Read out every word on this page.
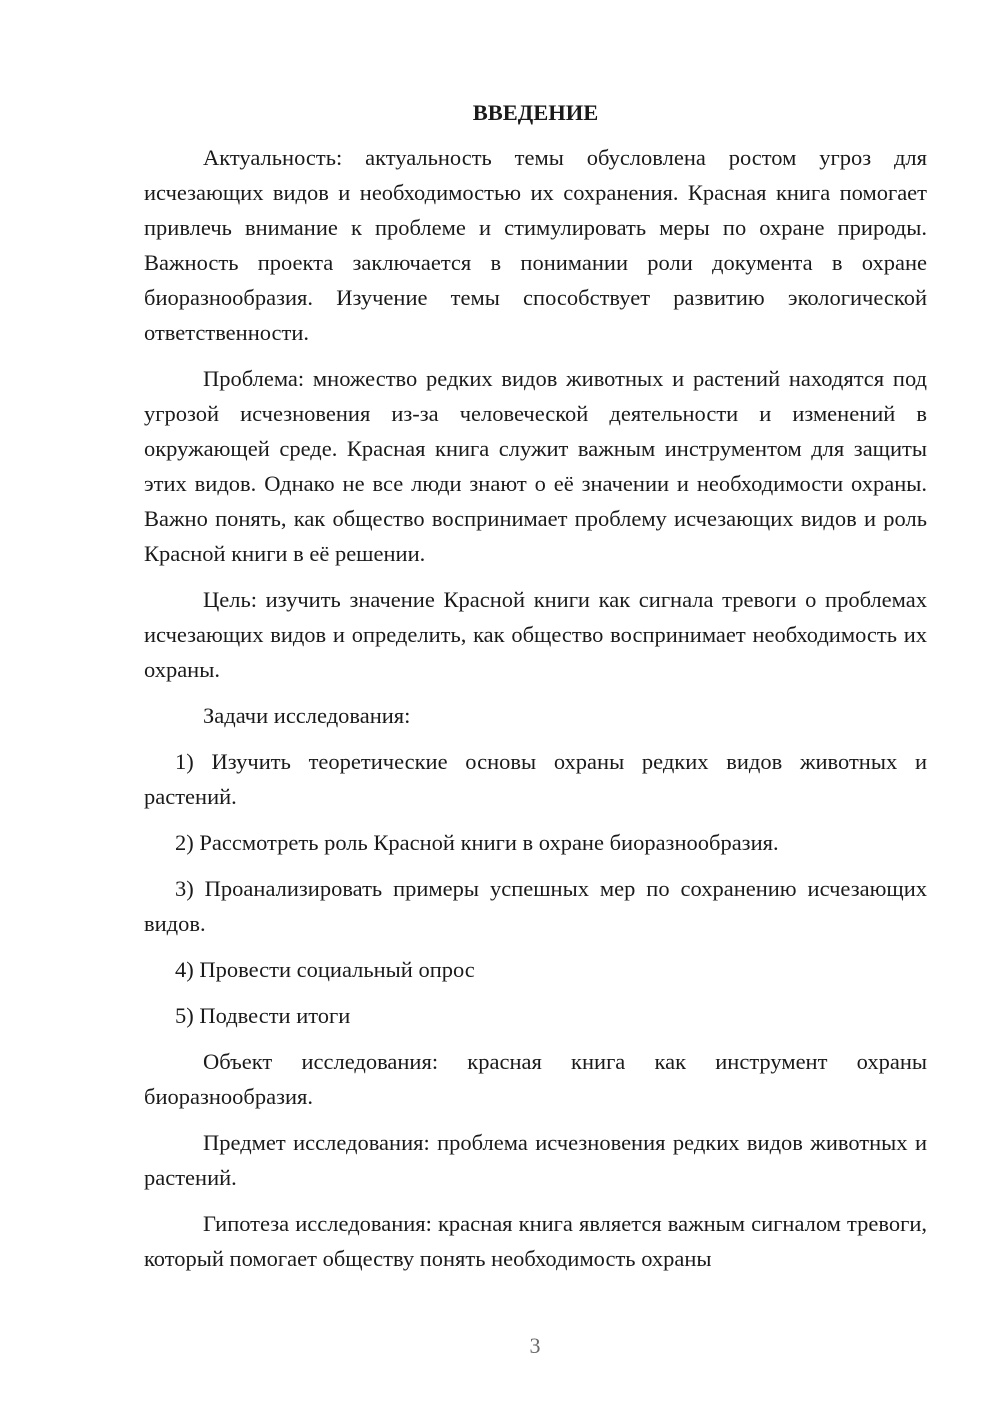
ВВЕДЕНИЕ

Актуальность: актуальность темы обусловлена ростом угроз для исчезающих видов и необходимостью их сохранения. Красная книга помогает привлечь внимание к проблеме и стимулировать меры по охране природы. Важность проекта заключается в понимании роли документа в охране биоразнообразия. Изучение темы способствует развитию экологической ответственности.

Проблема: множество редких видов животных и растений находятся под угрозой исчезновения из-за человеческой деятельности и изменений в окружающей среде. Красная книга служит важным инструментом для защиты этих видов. Однако не все люди знают о её значении и необходимости охраны. Важно понять, как общество воспринимает проблему исчезающих видов и роль Красной книги в её решении.

Цель: изучить значение Красной книги как сигнала тревоги о проблемах исчезающих видов и определить, как общество воспринимает необходимость их охраны.

Задачи исследования:

1) Изучить теоретические основы охраны редких видов животных и растений.

2) Рассмотреть роль Красной книги в охране биоразнообразия.

3) Проанализировать примеры успешных мер по сохранению исчезающих видов.

4) Провести социальный опрос

5) Подвести итоги

Объект исследования: красная книга как инструмент охраны биоразнообразия.

Предмет исследования: проблема исчезновения редких видов животных и растений.

Гипотеза исследования: красная книга является важным сигналом тревоги, который помогает обществу понять необходимость охраны

3
